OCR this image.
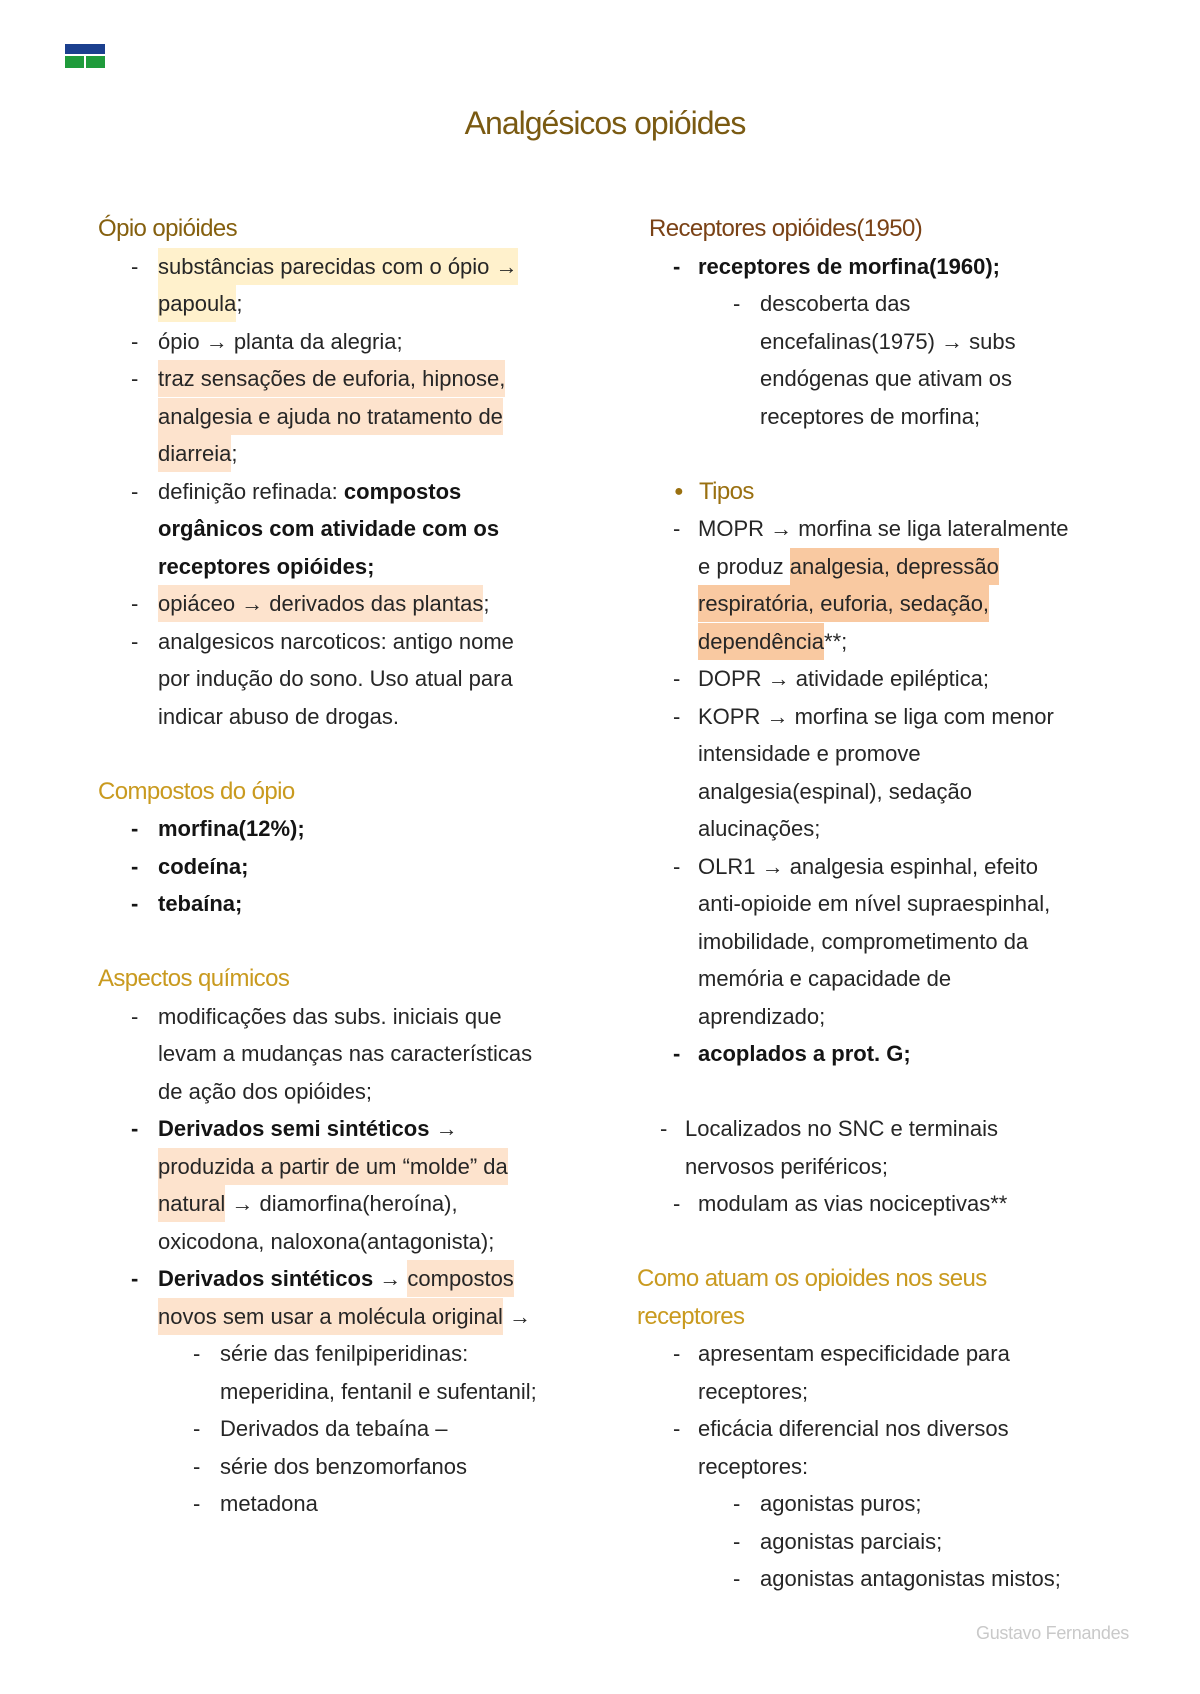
Analgésicos opióides
Ópio opióides
- substâncias parecidas com o ópio →
papoula;
- ópio → planta da alegria;
- traz sensações de euforia, hipnose,
analgesia e ajuda no tratamento de
diarreia;
- definição refinada: compostos
orgânicos com atividade com os
receptores opióides;
- opiáceo → derivados das plantas;
- analgesicos narcoticos: antigo nome
por indução do sono. Uso atual para
indicar abuso de drogas.
Compostos do ópio
- morfina(12%);
- codeína;
- tebaína;
Aspectos químicos
- modificações das subs. iniciais que
levam a mudanças nas características
de ação dos opióides;
- Derivados semi sintéticos →
produzida a partir de um “molde” da
natural → diamorfina(heroína),
oxicodona, naloxona(antagonista);
- Derivados sintéticos → compostos
novos sem usar a molécula original →
- série das fenilpiperidinas:
meperidina, fentanil e sufentanil;
- Derivados da tebaína –
- série dos benzomorfanos
- metadona
Receptores opióides(1950)
- receptores de morfina(1960);
- descoberta das
encefalinas(1975) → subs
endógenas que ativam os
receptores de morfina;
● Tipos
- MOPR → morfina se liga lateralmente
e produz analgesia, depressão
respiratória, euforia, sedação,
dependência**;
- DOPR → atividade epiléptica;
- KOPR → morfina se liga com menor
intensidade e promove
analgesia(espinal), sedação
alucinações;
- OLR1 → analgesia espinhal, efeito
anti-opioide em nível supraespinhal,
imobilidade, comprometimento da
memória e capacidade de
aprendizado;
- acoplados a prot. G;
- Localizados no SNC e terminais
nervosos periféricos;
- modulam as vias nociceptivas**
Como atuam os opioides nos seus
receptores
- apresentam especificidade para
receptores;
- eficácia diferencial nos diversos
receptores:
- agonistas puros;
- agonistas parciais;
- agonistas antagonistas mistos;
Gustavo Fernandes
